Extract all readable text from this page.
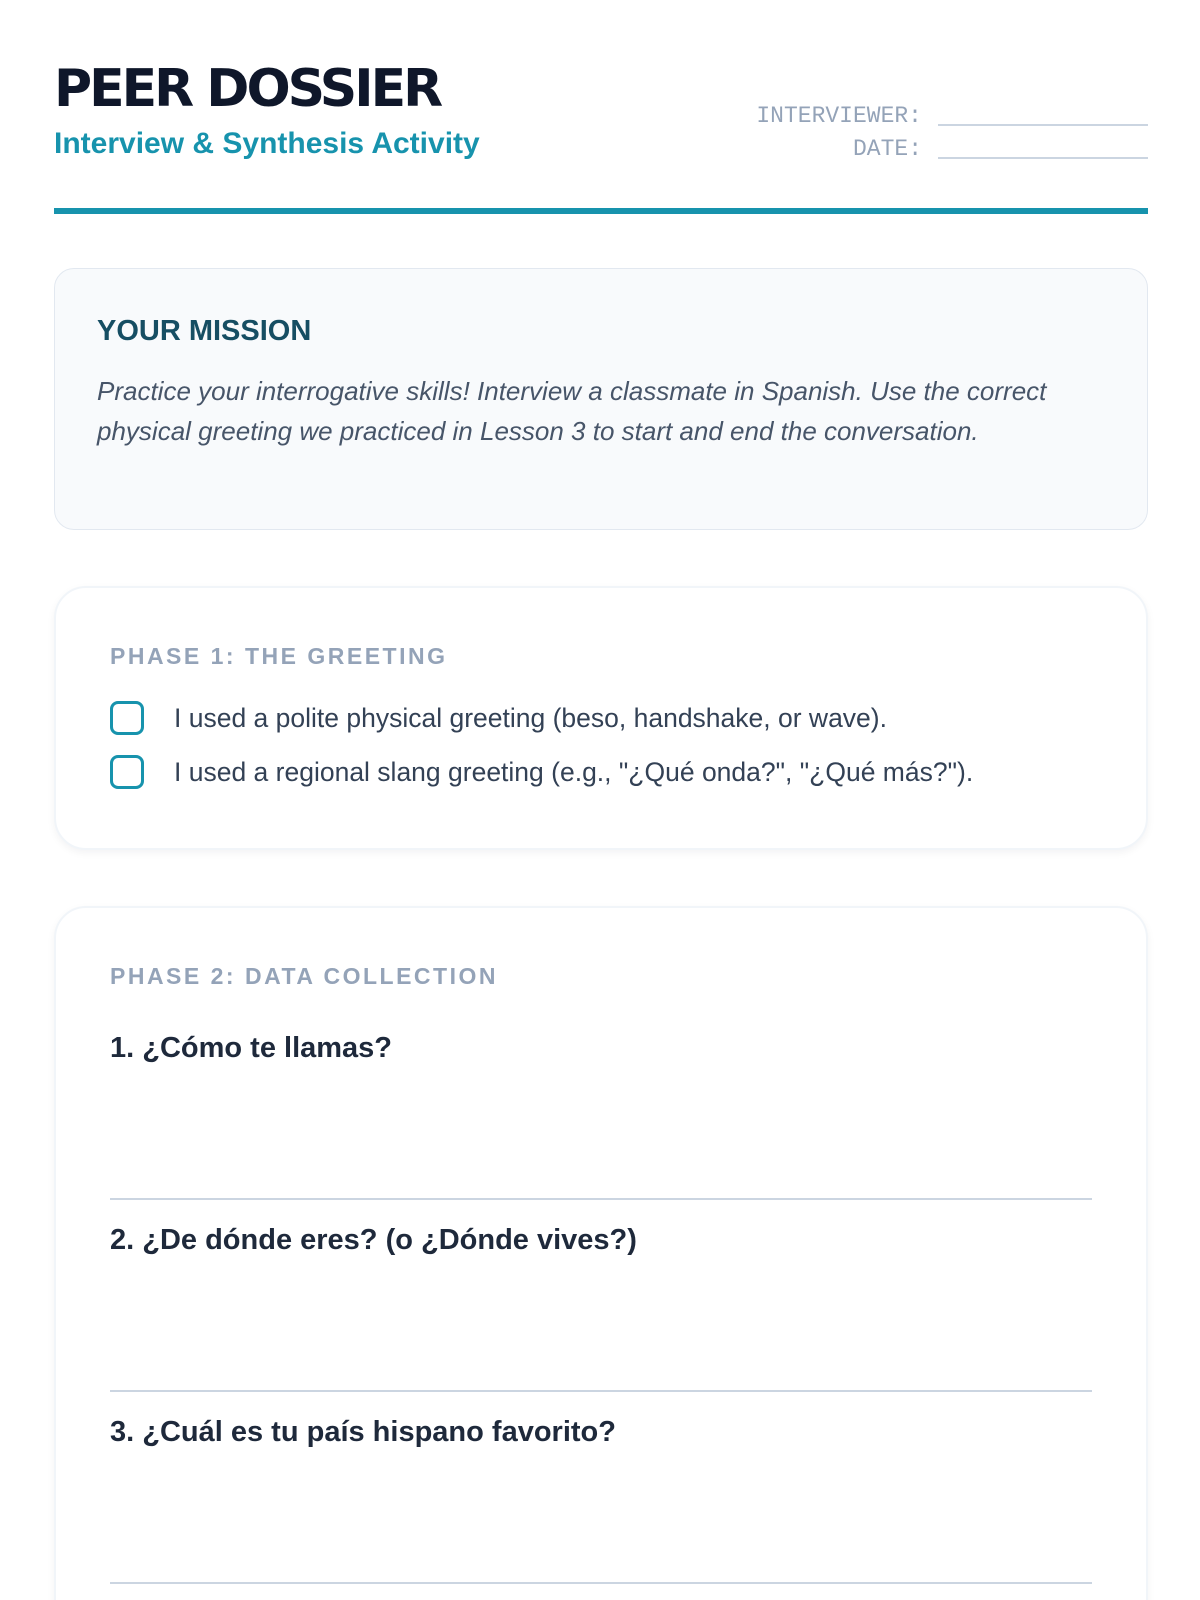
PEER DOSSIER
Interview & Synthesis Activity
INTERVIEWER:
DATE:
YOUR MISSION

Practice your interrogative skills! Interview a classmate in Spanish. Use the correct physical greeting we practiced in Lesson 3 to start and end the conversation.

PHASE 1: THE GREETING
I used a polite physical greeting (beso, handshake, or wave).
I used a regional slang greeting (e.g., "¿Qué onda?", "¿Qué más?").
PHASE 2: DATA COLLECTION

1. ¿Cómo te llamas?

2. ¿De dónde eres? (o ¿Dónde vives?)

3. ¿Cuál es tu país hispano favorito?
